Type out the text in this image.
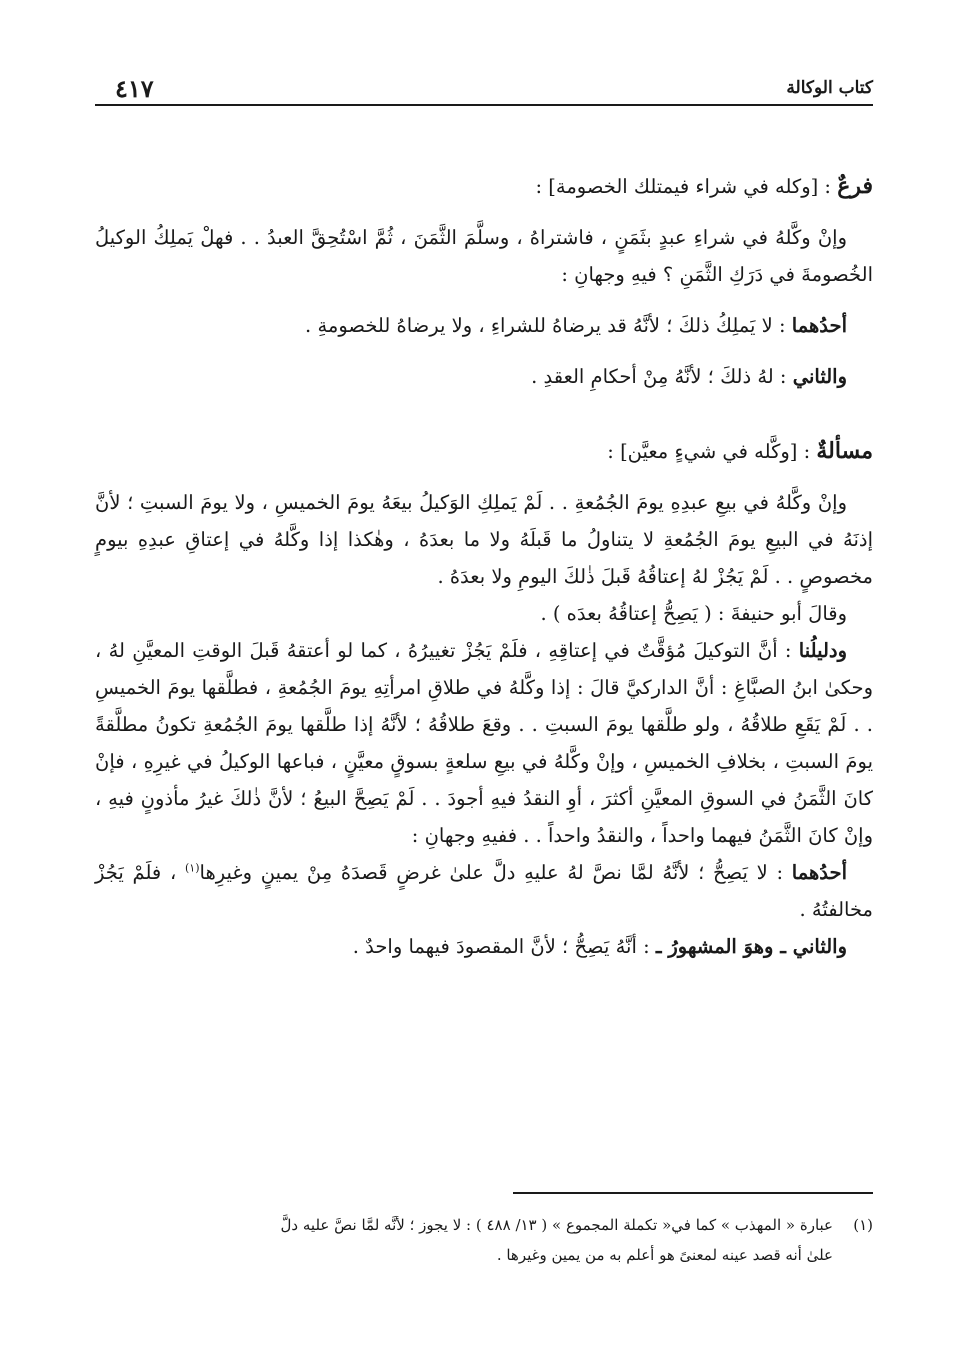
كتاب الوكالة
٤١٧

فرعٌ : [وكله في شراء فيمتلك الخصومة] :

وإنْ وكَّلهُ في شراءِ عبدٍ بثَمَنٍ ، فاشتراهُ ، وسلَّمَ الثَّمَنَ ، ثُمَّ اسْتُحِقَّ العبدُ . . فهلْ يَملِكُ الوكيلُ الخُصومةَ في دَرَكِ الثَّمَنِ ؟ فيهِ وجهانِ :

أحدُهما : لا يَملِكُ ذلكَ ؛ لأنَّهُ قد يرضاهُ للشراءِ ، ولا يرضاهُ للخصومةِ .

والثاني : لهُ ذلكَ ؛ لأنَّهُ مِنْ أحكامِ العقدِ .

مسألةٌ : [وكَّله في شيءٍ معيَّن] :

وإنْ وكَّلهُ في بيعِ عبدِهِ يومَ الجُمُعةِ . . لَمْ يَملِكِ الوَكيلُ بيعَهُ يومَ الخميسِ ، ولا يومَ السبتِ ؛ لأنَّ إذنَهُ في البيعِ يومَ الجُمُعةِ لا يتناولُ ما قَبلَهُ ولا ما بعدَهُ ، وهٰكذا إذا وكَّلهُ في إعتاقِ عبدِهِ بيومٍ مخصوصٍ . . لَمْ يَجُزْ لهُ إعتاقُهُ قَبلَ ذٰلكَ اليومِ ولا بعدَهُ .

وقالَ أبو حنيفةَ : ( يَصِحُّ إعتاقُهُ بعدَه ) .

ودليلُنا : أنَّ التوكيلَ مُؤقَّتٌ في إعتاقِهِ ، فلَمْ يَجُزْ تغييرُهُ ، كما لو أعتقهُ قَبلَ الوقتِ المعيَّنِ لهُ ، وحكىٰ ابنُ الصبَّاغِ : أنَّ الداركيَّ قالَ : إذا وكَّلهُ في طلاقِ امرأتِهِ يومَ الجُمُعةِ ، فطلَّقها يومَ الخميسِ . . لَمْ يَقَعِ طلاقُهُ ، ولو طلَّقها يومَ السبتِ . . وقعَ طلاقُهُ ؛ لأنَّهُ إذا طلَّقها يومَ الجُمُعةِ تكونُ مطلَّقةً يومَ السبتِ ، بخلافِ الخميسِ ، وإنْ وكَّلهُ في بيعِ سلعةٍ بسوقٍ معيَّنٍ ، فباعها الوكيلُ في غيرِهِ ، فإنْ كانَ الثَّمَنُ في السوقِ المعيَّنِ أكثرَ ، أوِ النقدُ فيهِ أجودَ . . لَمْ يَصِحَّ البيعُ ؛ لأنَّ ذٰلكَ غيرُ مأذونٍ فيهِ ، وإنْ كانَ الثَّمَنُ فيهما واحداً ، والنقدُ واحداً . . ففيهِ وجهانِ :

أحدُهما : لا يَصِحُّ ؛ لأنَّهُ لمَّا نصَّ لهُ عليهِ دلَّ علىٰ غرضٍ قَصدَهُ مِنْ يمينٍ وغيرِها$^{(١)}$ ، فلَمْ يَجُزْ مخالفتُهُ .

والثاني ـ وهوَ المشهورُ ـ : أنَّهُ يَصِحُّ ؛ لأنَّ المقصودَ فيهما واحدٌ .

(١)عبارة « المهذب » كما في« تكملة المجموع » ( ١٣/ ٤٨٨ ) : لا يجوز ؛ لأنَّه لمَّا نصَّ عليه دلَّ

علىٰ أنه قصد عينه لمعنىً هو أعلم به من يمين وغيرها .
